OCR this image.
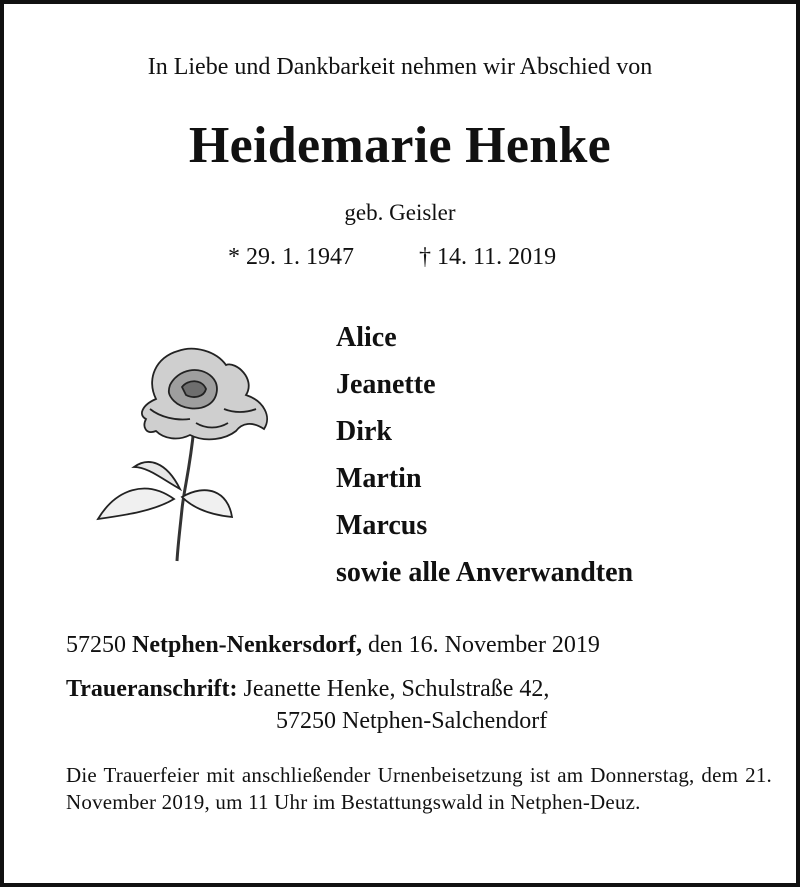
In Liebe und Dankbarkeit nehmen wir Abschied von
Heidemarie Henke
geb. Geisler
* 29. 1. 1947	† 14. 11. 2019
Alice
Jeanette
Dirk
Martin
Marcus
sowie alle Anverwandten
57250 Netphen-Nenkersdorf, den 16. November 2019
Traueranschrift: Jeanette Henke, Schulstraße 42,
57250 Netphen-Salchendorf
Die Trauerfeier mit anschließender Urnenbeisetzung ist am Donnerstag, dem 21. November 2019, um 11 Uhr im Bestattungswald in Netphen-Deuz.
